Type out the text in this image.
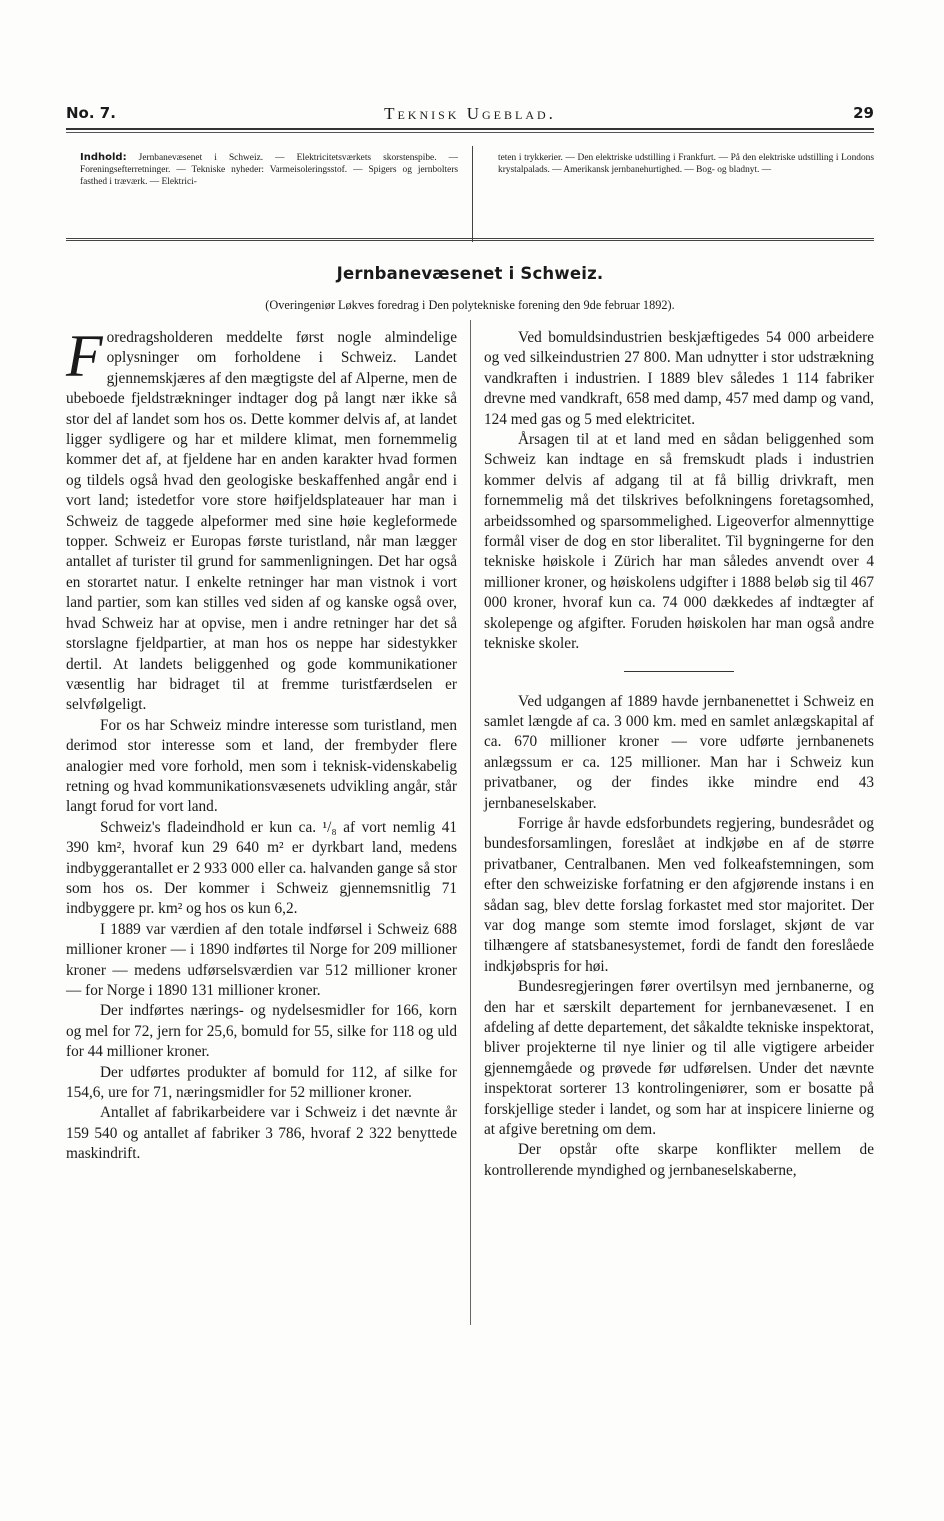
No. 7.	Teknisk Ugeblad.	29
Indhold: Jernbanevæsenet i Schweiz. — Elektricitetsværkets skorstenspibe. — Foreningsefterretninger. — Tekniske nyheder: Varmeisoleringsstof. — Spigers og jernbolters fasthed i træværk. — Elektrici-
teten i trykkerier. — Den elektriske udstilling i Frankfurt. — På den elektriske udstilling i Londons krystalpalads. — Amerikansk jernbanehurtighed. — Bog- og bladnyt. —
Jernbanevæsenet i Schweiz.
(Overingeniør Løkves foredrag i Den polytekniske forening den 9de februar 1892).

Foredragsholderen meddelte først nogle almindelige oplysninger om forholdene i Schweiz. Landet gjennemskjæres af den mægtigste del af Alperne, men de ubeboede fjeldstrækninger indtager dog på langt nær ikke så stor del af landet som hos os. Dette kommer delvis af, at landet ligger sydligere og har et mildere klimat, men fornemmelig kommer det af, at fjeldene har en anden karakter hvad formen og tildels også hvad den geologiske beskaffenhed angår end i vort land; istedetfor vore store høifjeldsplateauer har man i Schweiz de taggede alpeformer med sine høie kegleformede topper. Schweiz er Europas første turistland, når man lægger antallet af turister til grund for sammenligningen. Det har også en storartet natur. I enkelte retninger har man vistnok i vort land partier, som kan stilles ved siden af og kanske også over, hvad Schweiz har at opvise, men i andre retninger har det så storslagne fjeldpartier, at man hos os neppe har sidestykker dertil. At landets beliggenhed og gode kommunikationer væsentlig har bidraget til at fremme turistfærdselen er selvfølgeligt.

For os har Schweiz mindre interesse som turistland, men derimod stor interesse som et land, der frembyder flere analogier med vore forhold, men som i teknisk-videnskabelig retning og hvad kommunikationsvæsenets udvikling angår, står langt forud for vort land.

Schweiz's fladeindhold er kun ca. ¹/₈ af vort nemlig 41 390 km², hvoraf kun 29 640 m² er dyrkbart land, medens indbyggerantallet er 2 933 000 eller ca. halvanden gange så stor som hos os. Der kommer i Schweiz gjennemsnitlig 71 indbyggere pr. km² og hos os kun 6,2.

I 1889 var værdien af den totale indførsel i Schweiz 688 millioner kroner — i 1890 indførtes til Norge for 209 millioner kroner — medens udførselsværdien var 512 millioner kroner — for Norge i 1890 131 millioner kroner.

Der indførtes nærings- og nydelsesmidler for 166, korn og mel for 72, jern for 25,6, bomuld for 55, silke for 118 og uld for 44 millioner kroner.

Der udførtes produkter af bomuld for 112, af silke for 154,6, ure for 71, næringsmidler for 52 millioner kroner.

Antallet af fabrikarbeidere var i Schweiz i det nævnte år 159 540 og antallet af fabriker 3 786, hvoraf 2 322 benyttede maskindrift.

Ved bomuldsindustrien beskjæftigedes 54 000 arbeidere og ved silkeindustrien 27 800. Man udnytter i stor udstrækning vandkraften i industrien. I 1889 blev således 1 114 fabriker drevne med vandkraft, 658 med damp, 457 med damp og vand, 124 med gas og 5 med elektricitet.

Årsagen til at et land med en sådan beliggenhed som Schweiz kan indtage en så fremskudt plads i industrien kommer delvis af adgang til at få billig drivkraft, men fornemmelig må det tilskrives befolkningens foretagsomhed, arbeidssomhed og sparsommelighed. Ligeoverfor almennyttige formål viser de dog en stor liberalitet. Til bygningerne for den tekniske høiskole i Zürich har man således anvendt over 4 millioner kroner, og høiskolens udgifter i 1888 beløb sig til 467 000 kroner, hvoraf kun ca. 74 000 dækkedes af indtægter af skolepenge og afgifter. Foruden høiskolen har man også andre tekniske skoler.

Ved udgangen af 1889 havde jernbanenettet i Schweiz en samlet længde af ca. 3 000 km. med en samlet anlægskapital af ca. 670 millioner kroner — vore udførte jernbanenets anlægssum er ca. 125 millioner. Man har i Schweiz kun privatbaner, og der findes ikke mindre end 43 jernbaneselskaber.

Forrige år havde edsforbundets regjering, bundesrådet og bundesforsamlingen, foreslået at indkjøbe en af de større privatbaner, Centralbanen. Men ved folkeafstemningen, som efter den schweiziske forfatning er den afgjørende instans i en sådan sag, blev dette forslag forkastet med stor majoritet. Der var dog mange som stemte imod forslaget, skjønt de var tilhængere af statsbanesystemet, fordi de fandt den foreslåede indkjøbspris for høi.

Bundesregjeringen fører overtilsyn med jernbanerne, og den har et særskilt departement for jernbanevæsenet. I en afdeling af dette departement, det såkaldte tekniske inspektorat, bliver projekterne til nye linier og til alle vigtigere arbeider gjennemgåede og prøvede før udførelsen. Under det nævnte inspektorat sorterer 13 kontrolingeniører, som er bosatte på forskjellige steder i landet, og som har at inspicere linierne og at afgive beretning om dem.

Der opstår ofte skarpe konflikter mellem de kontrollerende myndighed og jernbaneselskaberne,
